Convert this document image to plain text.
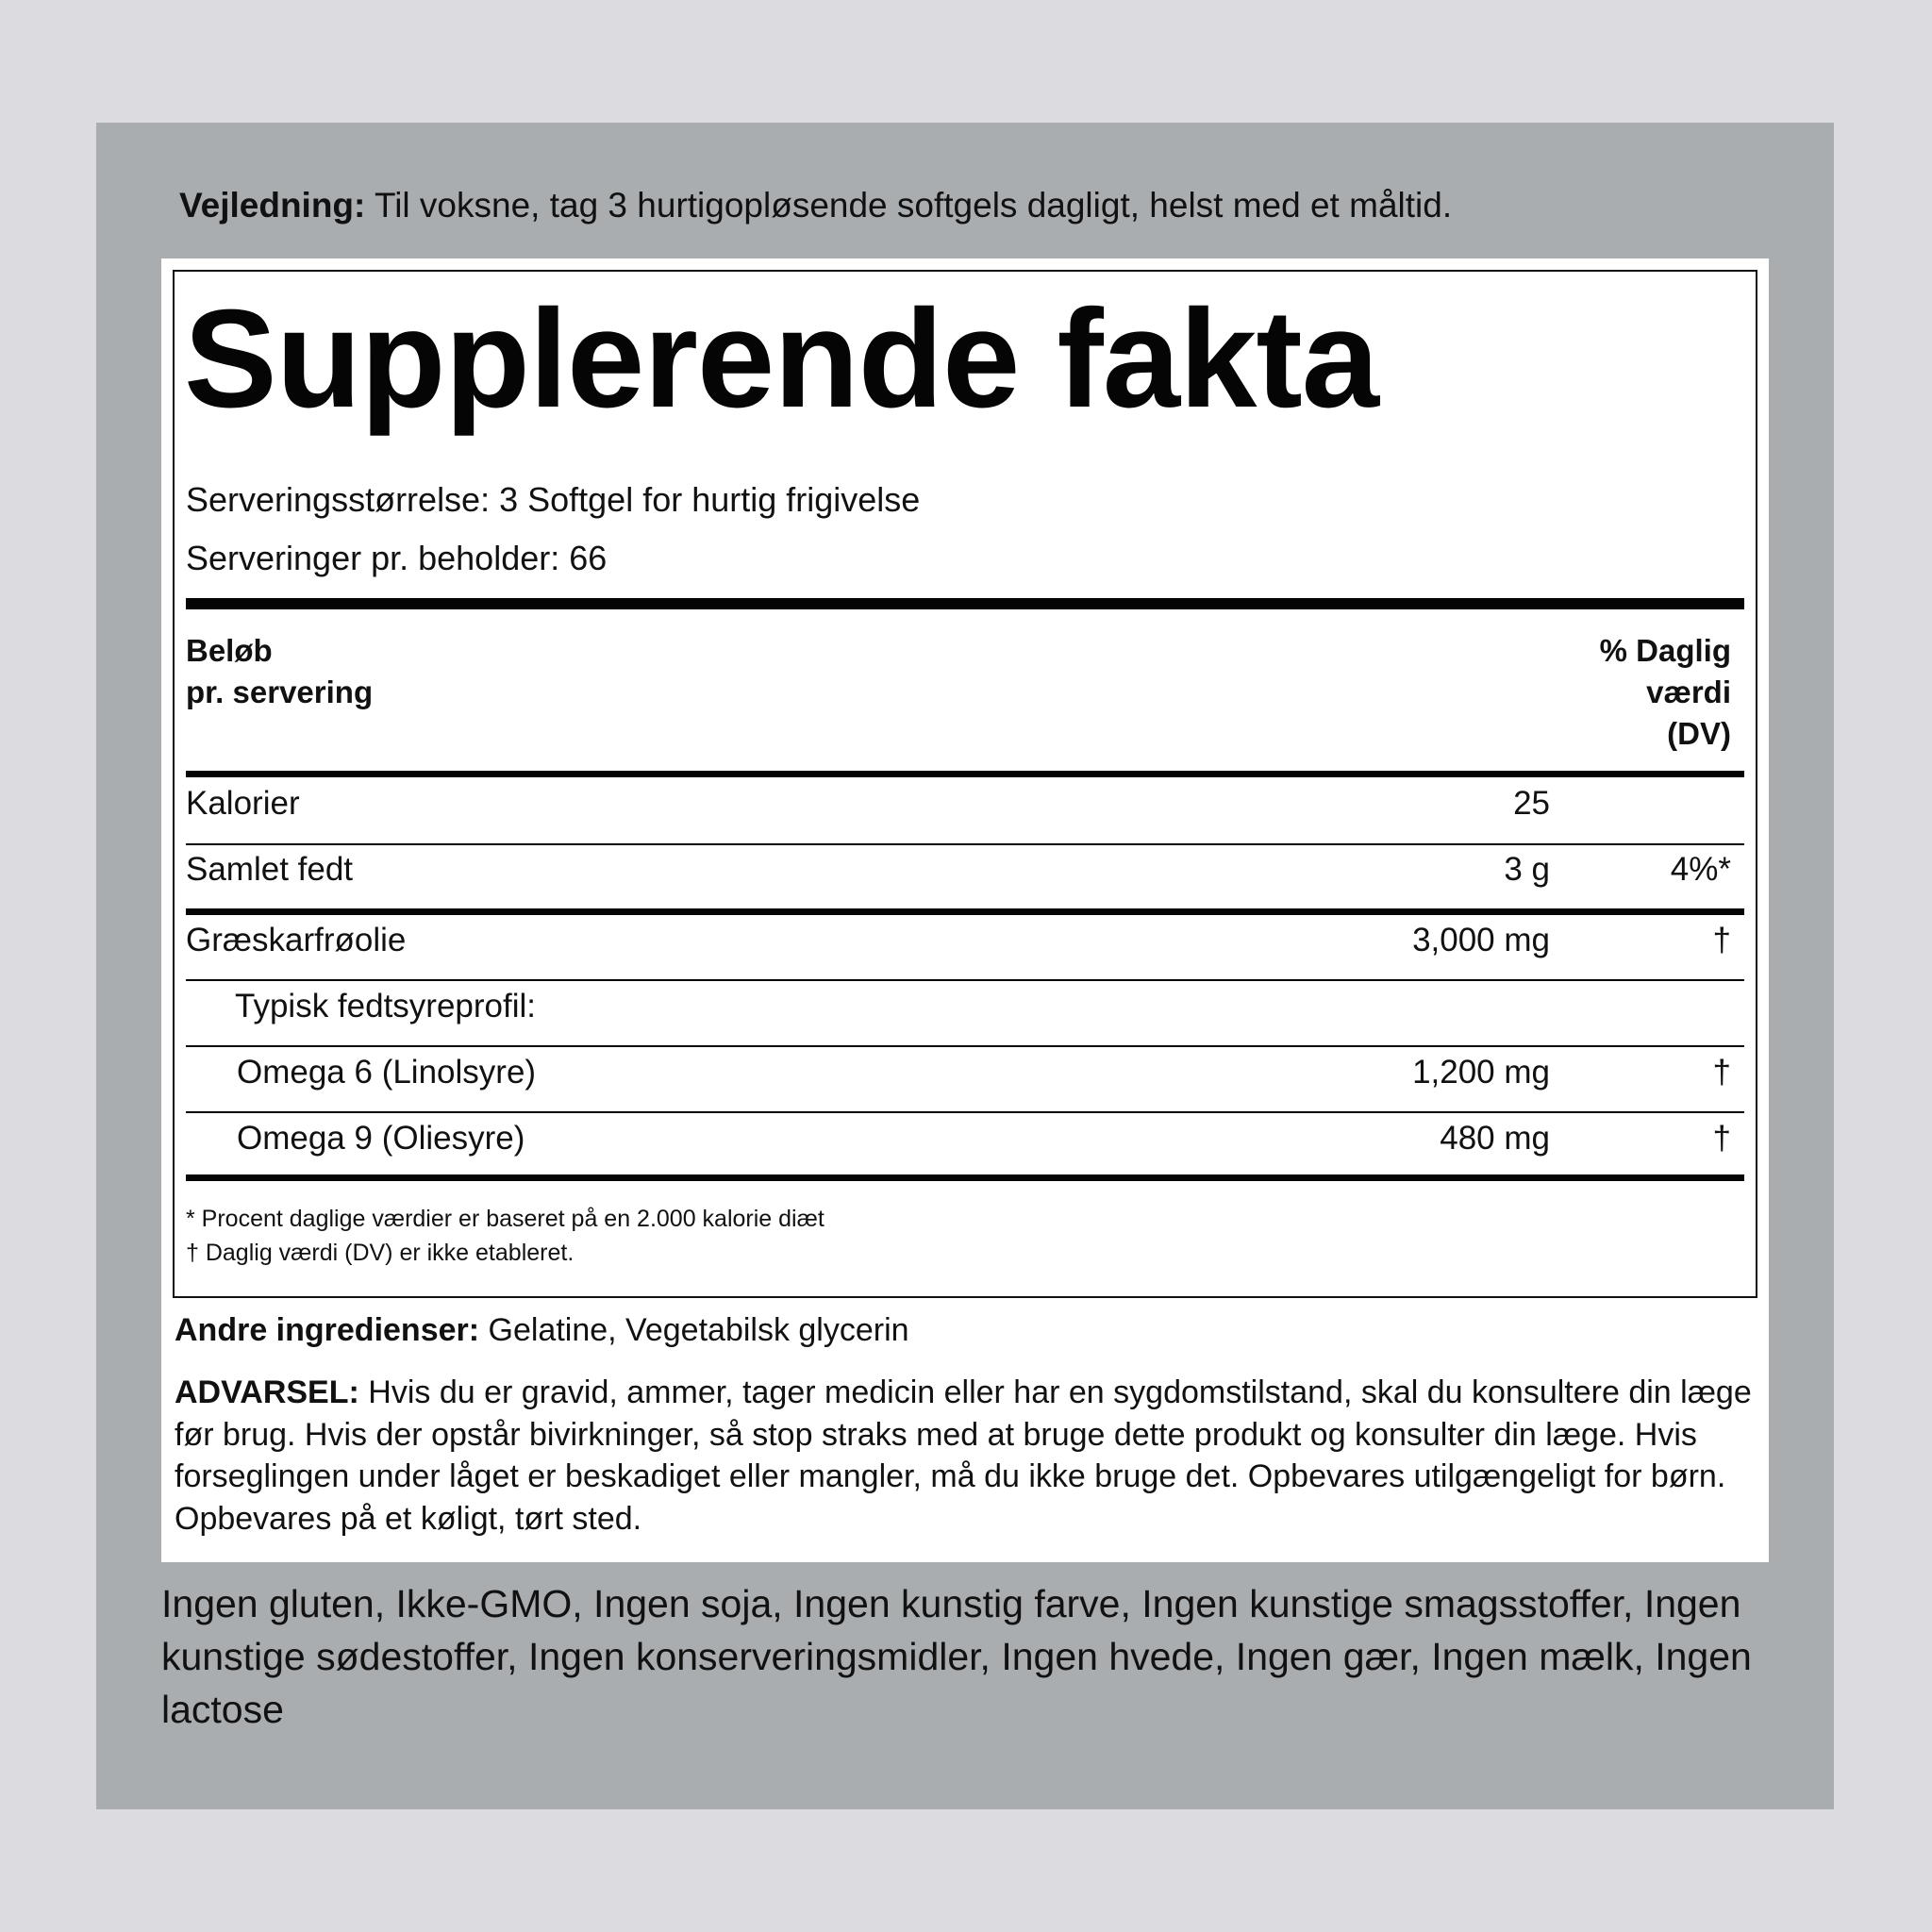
Vejledning: Til voksne, tag 3 hurtigopløsende softgels dagligt, helst med et måltid.
Supplerende fakta
Serveringsstørrelse: 3 Softgel for hurtig frigivelse
Serveringer pr. beholder: 66
Beløb
pr. servering
% Daglig
værdi
(DV)
Kalorier	25
Samlet fedt	3 g	4%*
Græskarfrøolie	3,000 mg	†
Typisk fedtsyreprofil:
Omega 6 (Linolsyre)	1,200 mg	†
Omega 9 (Oliesyre)	480 mg	†
* Procent daglige værdier er baseret på en 2.000 kalorie diæt
† Daglig værdi (DV) er ikke etableret.
Andre ingredienser: Gelatine, Vegetabilsk glycerin
ADVARSEL: Hvis du er gravid, ammer, tager medicin eller har en sygdomstilstand, skal du konsultere din læge før brug. Hvis der opstår bivirkninger, så stop straks med at bruge dette produkt og konsulter din læge. Hvis forseglingen under låget er beskadiget eller mangler, må du ikke bruge det. Opbevares utilgængeligt for børn. Opbevares på et køligt, tørt sted.
Ingen gluten, Ikke-GMO, Ingen soja, Ingen kunstig farve, Ingen kunstige smagsstoffer, Ingen kunstige sødestoffer, Ingen konserveringsmidler, Ingen hvede, Ingen gær, Ingen mælk, Ingen lactose
